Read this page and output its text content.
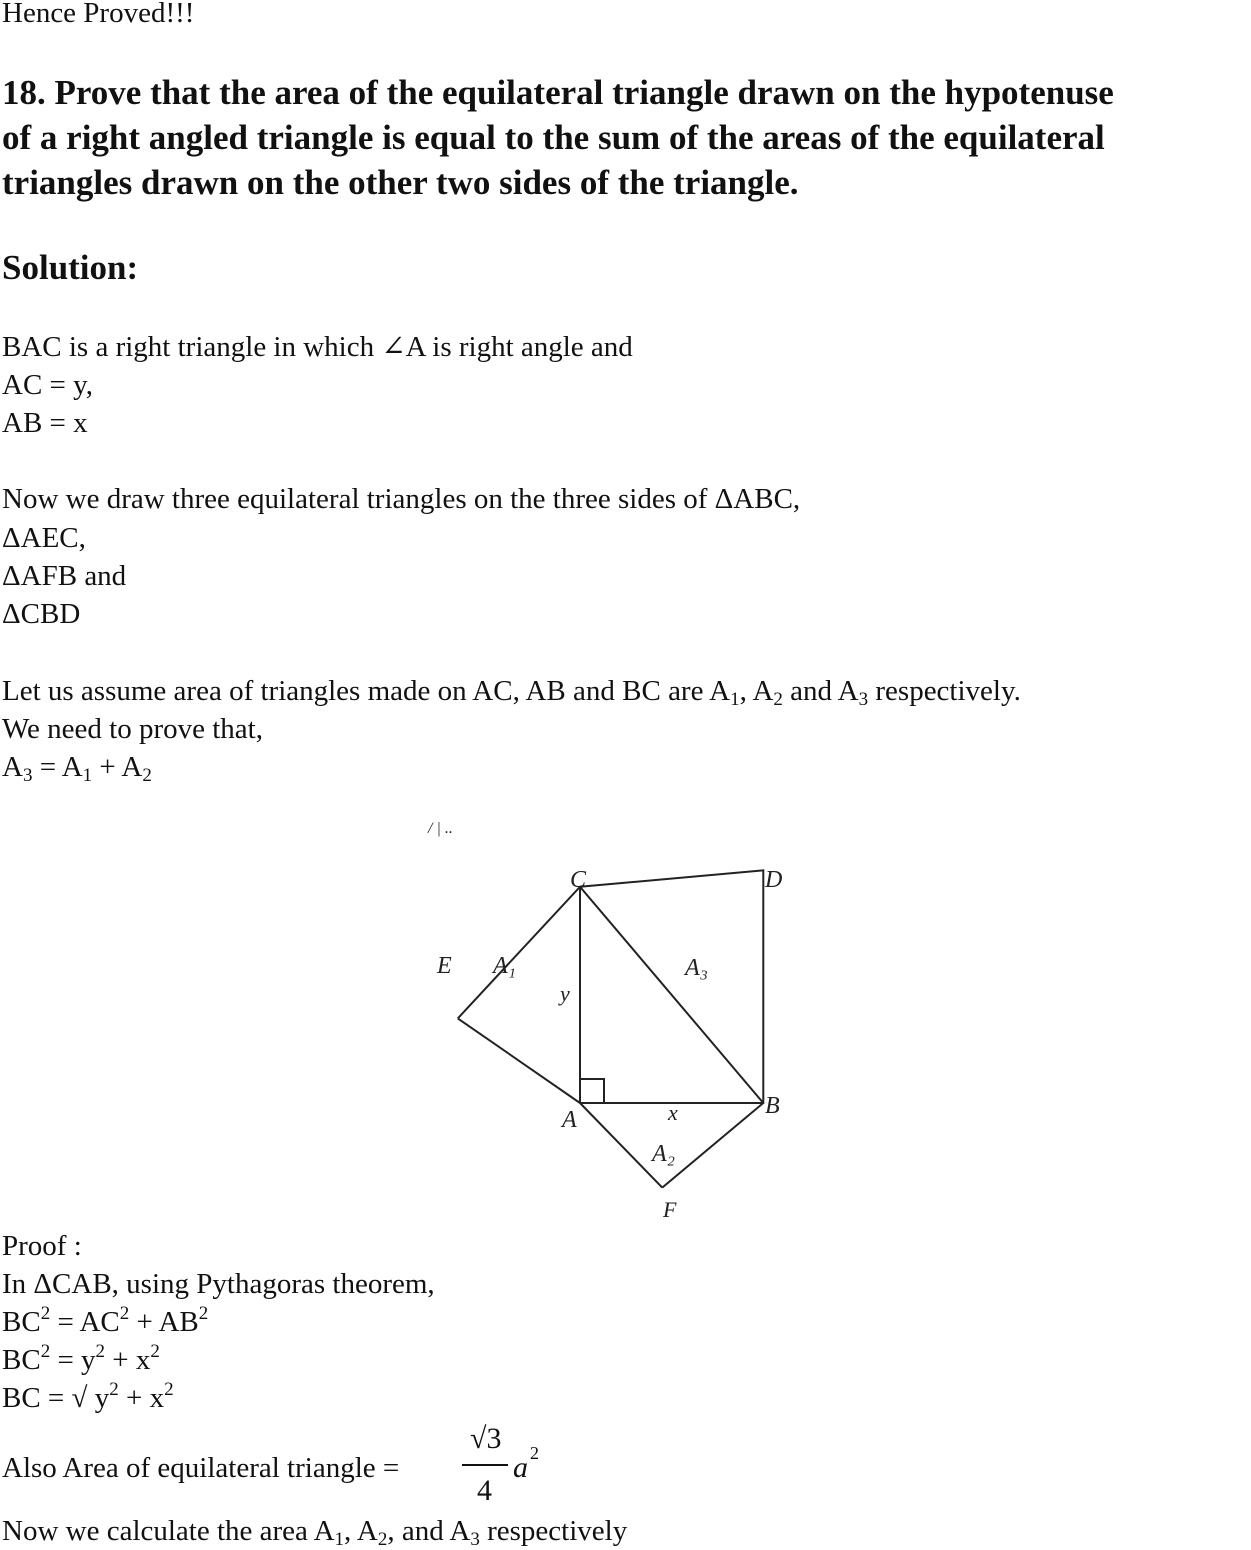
Hence Proved!!!
18. Prove that the area of the equilateral triangle drawn on the hypotenuse
of a right angled triangle is equal to the sum of the areas of the equilateral
triangles drawn on the other two sides of the triangle.
Solution:
BAC is a right triangle in which ∠A is right angle and
AC = y,
AB = x
Now we draw three equilateral triangles on the three sides of ΔABC,
ΔAEC,
ΔAFB and
ΔCBD
Let us assume area of triangles made on AC, AB and BC are $A_1$, $A_2$ and $A_3$ respectively.
We need to prove that,
$A_3 = A_1 + A_2$
/ | ..
C	D
E A₁
y
A₃
A	x	B
A₂
F
Proof :
In ΔCAB, using Pythagoras theorem,
$BC^2 = AC^2 + AB^2$
$BC^2 = y^2 + x^2$
BC = √ $y^2 + x^2$
Also Area of equilateral triangle =
√3
4
a 2
Now we calculate the area $A_1$, $A_2$, and $A_3$ respectively
